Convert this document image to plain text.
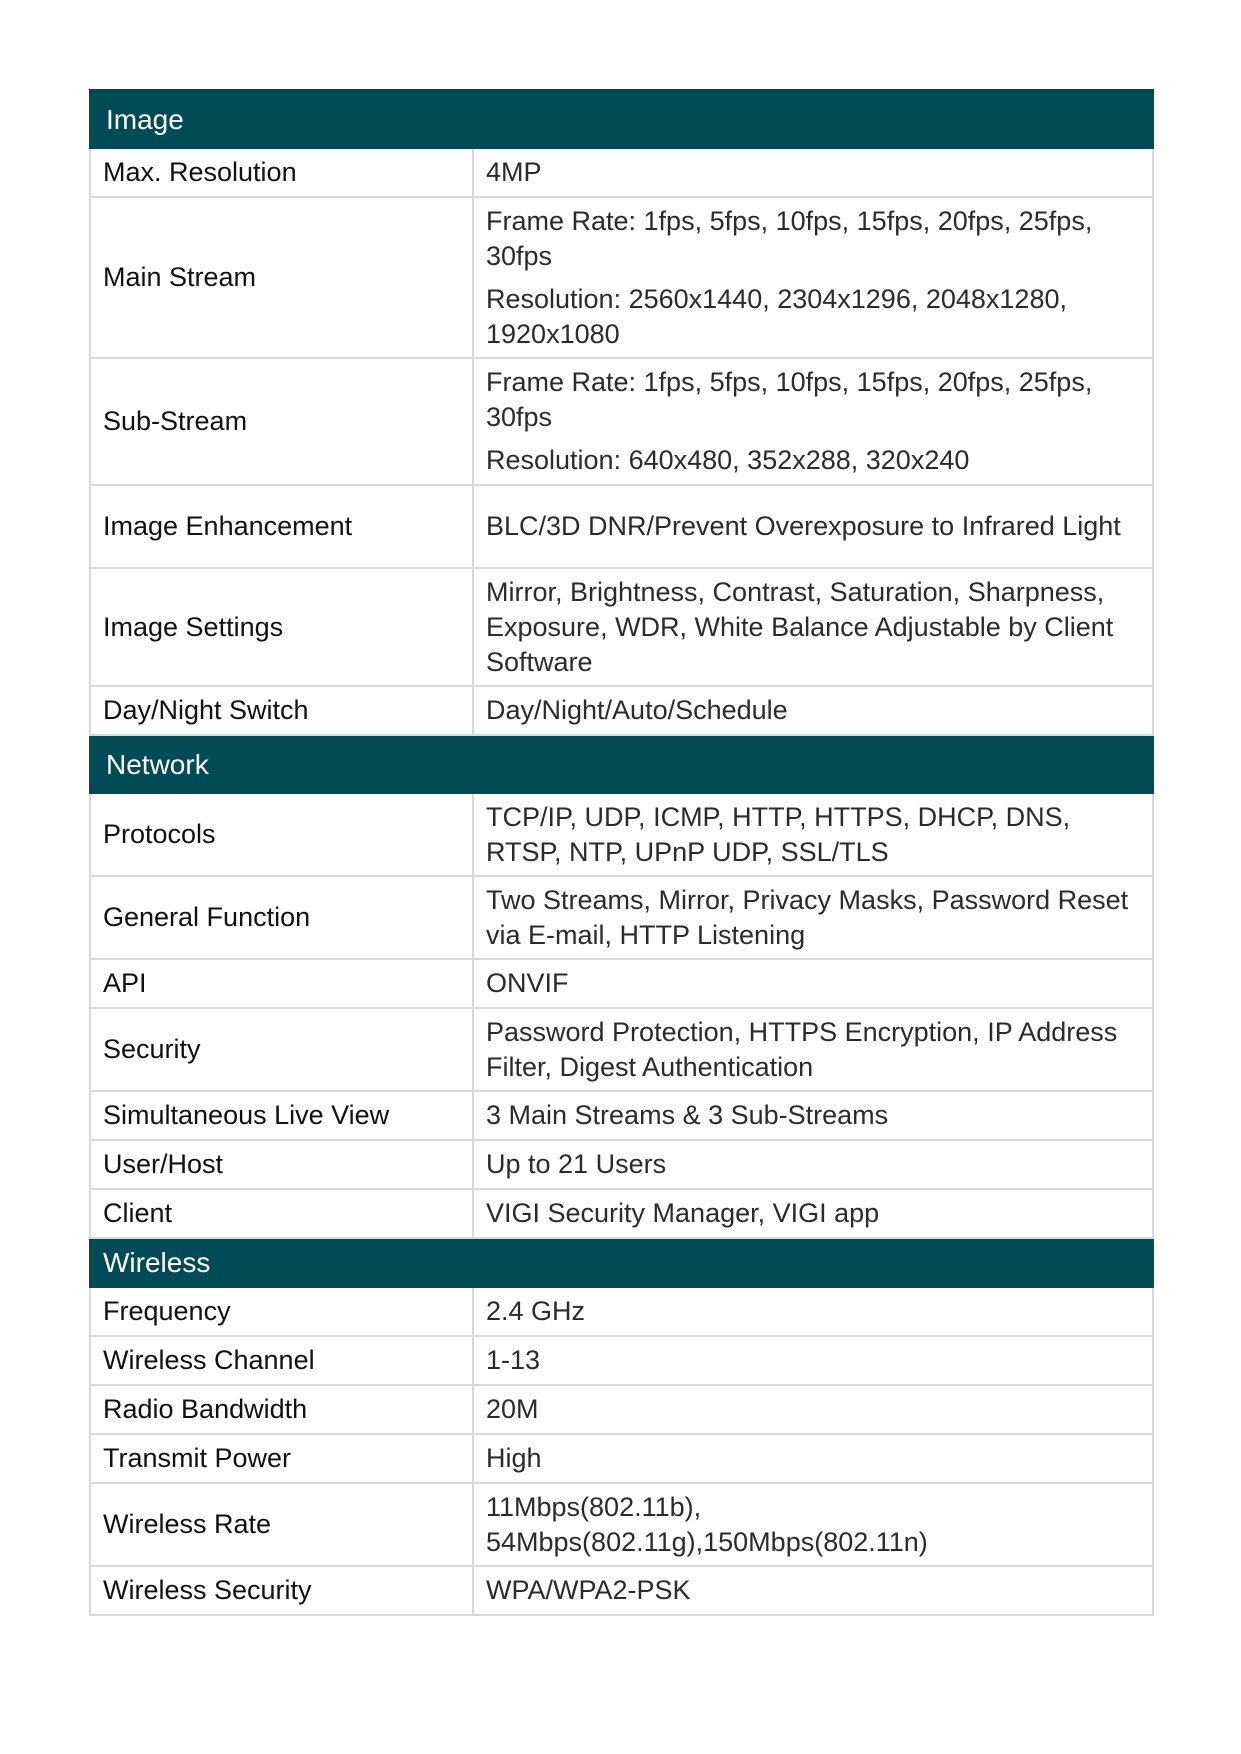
Image	
Max. Resolution	4MP

Main Stream	Frame Rate: 1fps, 5fps, 10fps, 15fps, 20fps, 25fps, 30fps

Resolution: 2560x1440, 2304x1296, 2048x1280, 1920x1080

Sub-Stream	Frame Rate: 1fps, 5fps, 10fps, 15fps, 20fps, 25fps, 30fps

Resolution: 640x480, 352x288, 320x240

Image Enhancement	BLC/3D DNR/Prevent Overexposure to Infrared Light

Image Settings	Mirror, Brightness, Contrast, Saturation, Sharpness, Exposure, WDR, White Balance Adjustable by Client Software

Day/Night Switch	Day/Night/Auto/Schedule

Network	
Protocols	TCP/IP, UDP, ICMP, HTTP, HTTPS, DHCP, DNS, RTSP, NTP, UPnP UDP, SSL/TLS

General Function	Two Streams, Mirror, Privacy Masks, Password Reset via E-mail, HTTP Listening

API	ONVIF

Security	Password Protection, HTTPS Encryption, IP Address Filter, Digest Authentication

Simultaneous Live View	3 Main Streams & 3 Sub-Streams

User/Host	Up to 21 Users

Client	VIGI Security Manager, VIGI app

Wireless	
Frequency	2.4 GHz

Wireless Channel	1-13

Radio Bandwidth	20M

Transmit Power	High

Wireless Rate	11Mbps(802.11b), 54Mbps(802.11g),150Mbps(802.11n)

Wireless Security	WPA/WPA2-PSK
